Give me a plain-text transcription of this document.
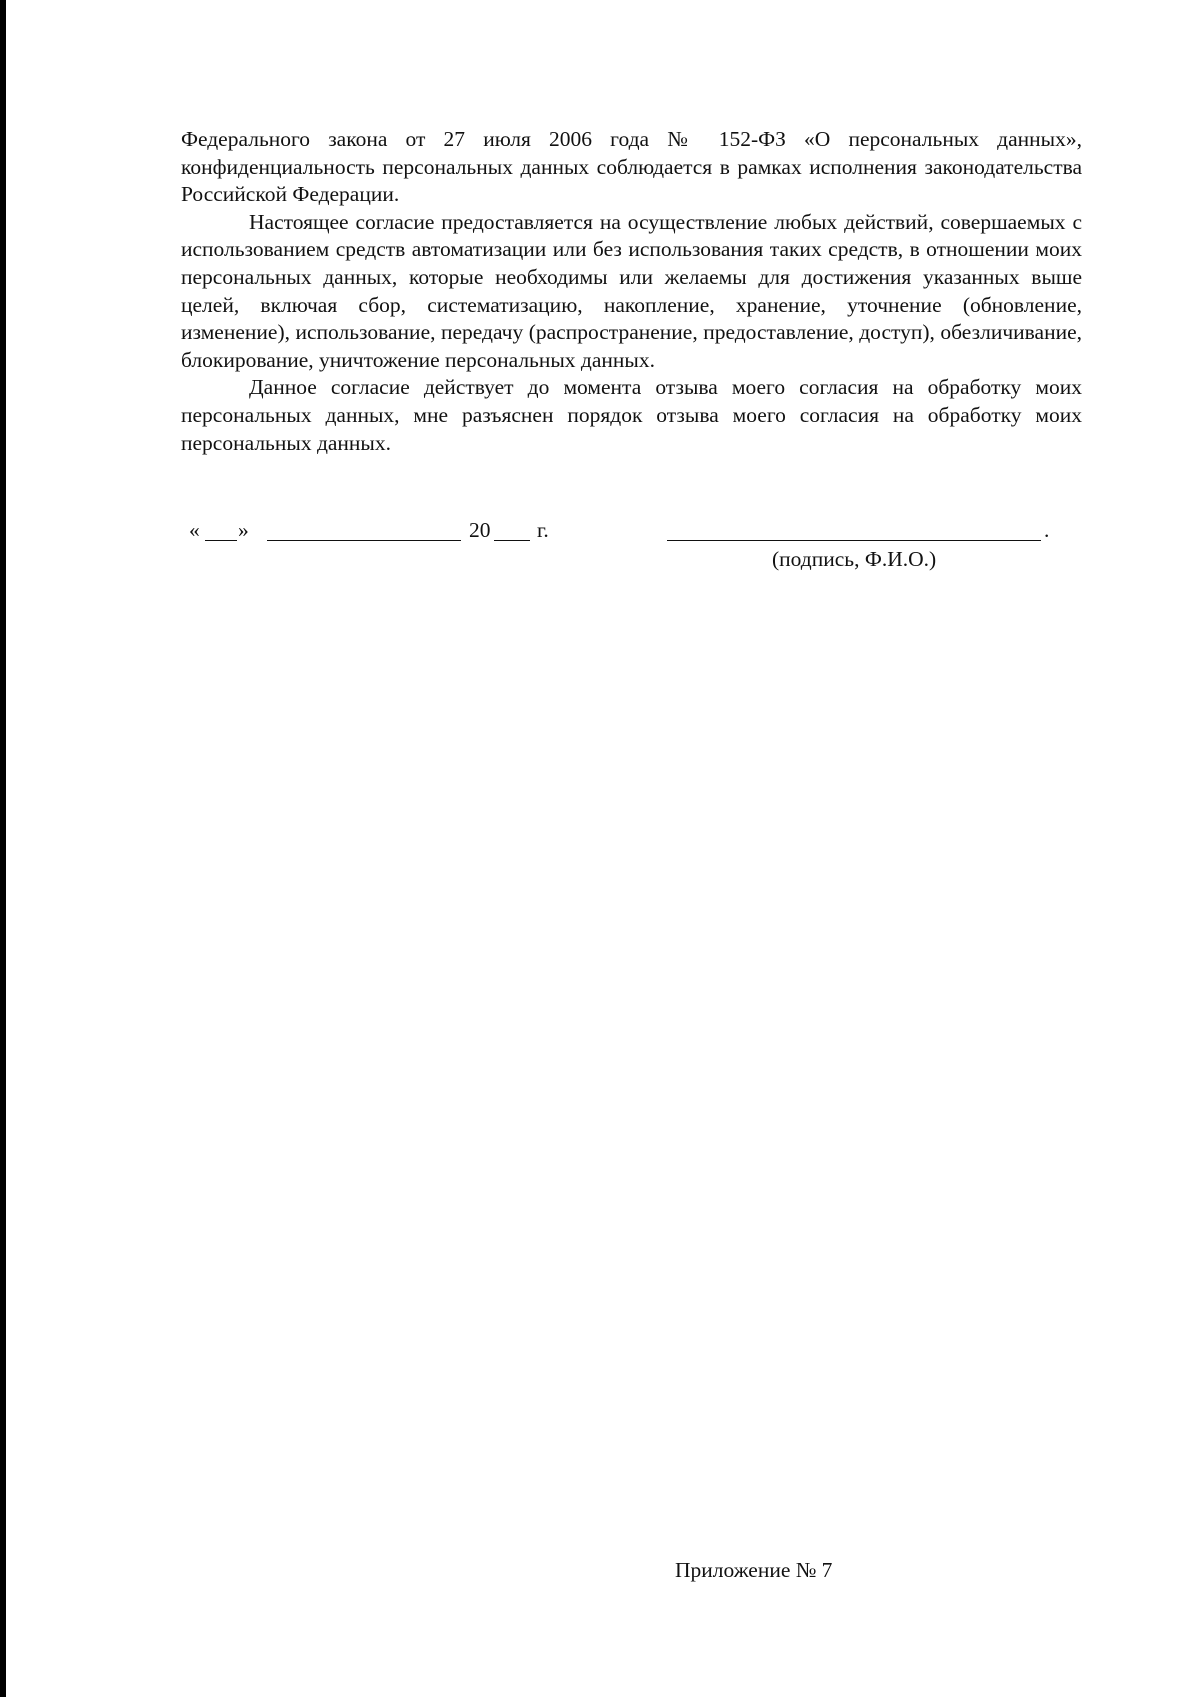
Федерального закона от 27 июля 2006 года № 152-ФЗ «О персональных данных», конфиденциальность персональных данных соблюдается в рамках исполнения законодательства Российской Федерации.

Настоящее согласие предоставляется на осуществление любых действий, совершаемых с использованием средств автоматизации или без использования таких средств, в отношении моих персональных данных, которые необходимы или желаемы для достижения указанных выше целей, включая сбор, систематизацию, накопление, хранение, уточнение (обновление, изменение), использование, передачу (распространение, предоставление, доступ), обезличивание, блокирование, уничтожение персональных данных.

Данное согласие действует до момента отзыва моего согласия на обработку моих персональных данных, мне разъяснен порядок отзыва моего согласия на обработку моих персональных данных.

« »	20 г.	.
(подпись, Ф.И.О.)
Приложение № 7
